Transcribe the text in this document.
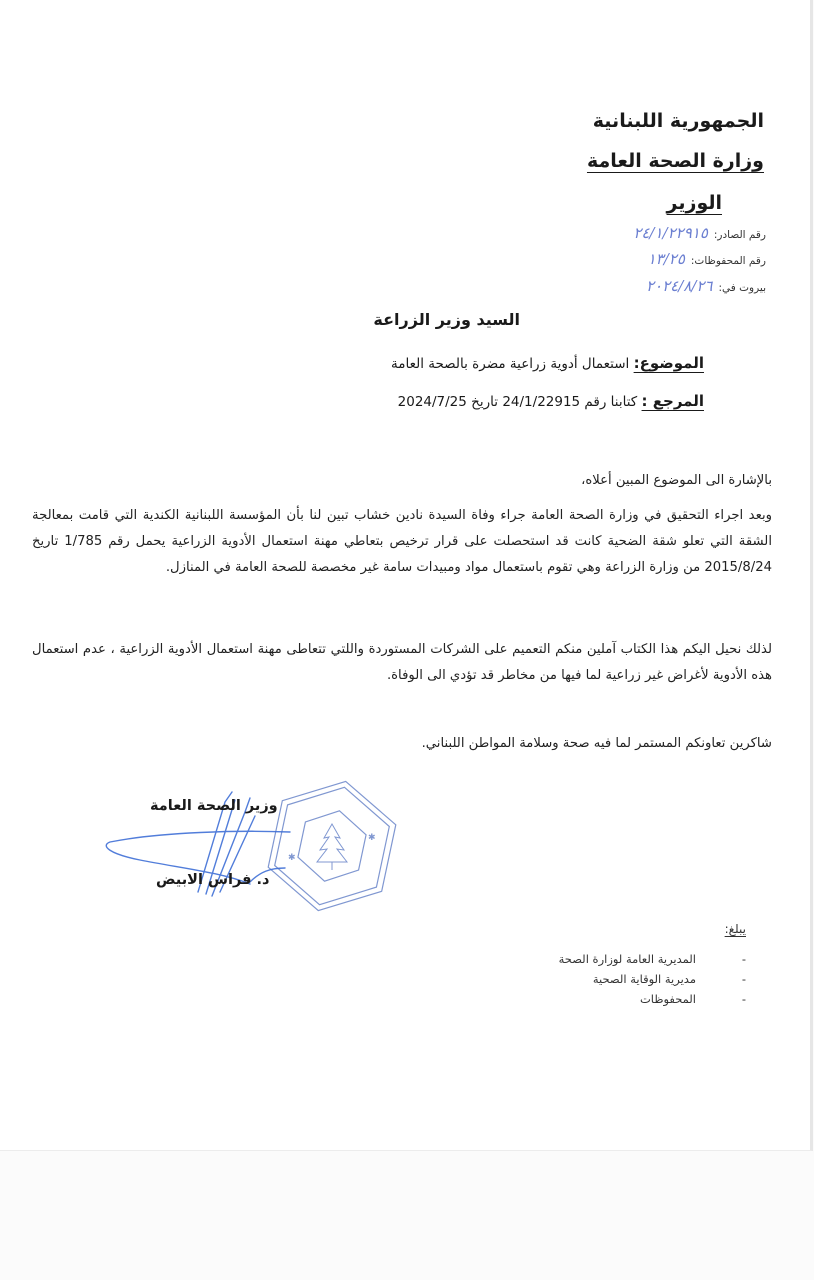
الجمهورية اللبنانية
وزارة الصحة العامة
الوزير
رقم الصادر:
٢٤/١/٢٢٩١٥
رقم المحفوظات:
١٣/٢٥
بيروت في:
٢٠٢٤/٨/٢٦
السيد وزير الزراعة
الموضوع: استعمال أدوية زراعية مضرة بالصحة العامة
المرجع : كتابنا رقم 24/1/22915 تاريخ 2024/7/25
بالإشارة الى الموضوع المبين أعلاه،
وبعد اجراء التحقيق في وزارة الصحة العامة جراء وفاة السيدة نادين خشاب تبين لنا بأن المؤسسة اللبنانية الكندية التي قامت بمعالجة الشقة التي تعلو شقة الضحية كانت قد استحصلت على قرار ترخيص بتعاطي مهنة استعمال الأدوية الزراعية يحمل رقم 1/785 تاريخ 2015/8/24 من وزارة الزراعة وهي تقوم باستعمال مواد ومبيدات سامة غير مخصصة للصحة العامة في المنازل.
لذلك نحيل اليكم هذا الكتاب آملين منكم التعميم على الشركات المستوردة واللتي تتعاطى مهنة استعمال الأدوية الزراعية ، عدم استعمال هذه الأدوية لأغراض غير زراعية لما فيها من مخاطر قد تؤدي الى الوفاة.
شاكرين تعاونكم المستمر لما فيه صحة وسلامة المواطن اللبناني.
✱
✱
وزير الصحة العامة
د. فراس الابيض
يبلغ:
-
المديرية العامة لوزارة الصحة
-
مديرية الوقاية الصحية
-
المحفوظات
